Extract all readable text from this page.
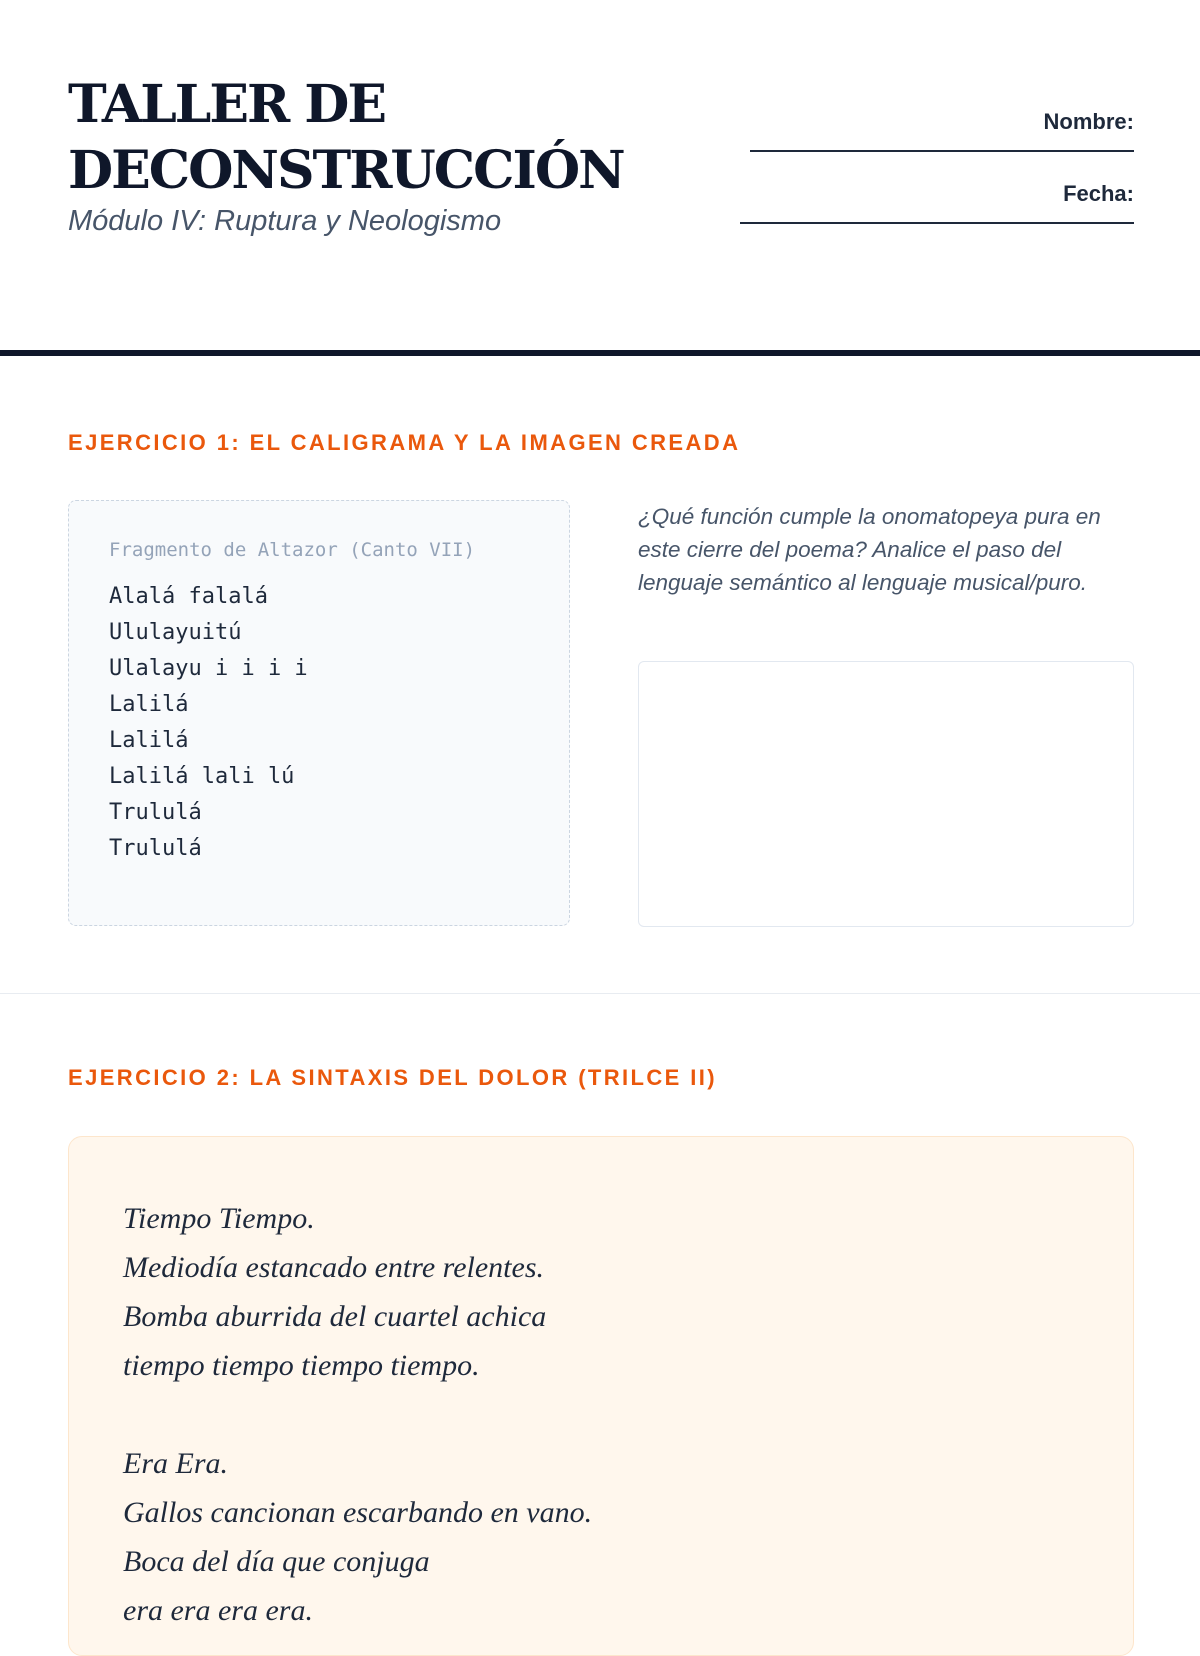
TALLER DE
DECONSTRUCCIÓN
Módulo IV: Ruptura y Neologismo
Nombre:
Fecha:
EJERCICIO 1: EL CALIGRAMA Y LA IMAGEN CREADA
Fragmento de Altazor (Canto VII)
Alalá falalá
Ululayuitú
Ulalayu i i i i
Lalilá
Lalilá
Lalilá lali lú
Trululá
Trululá

¿Qué función cumple la onomatopeya pura en este cierre del poema? Analice el paso del lenguaje semántico al lenguaje musical/puro.

EJERCICIO 2: LA SINTAXIS DEL DOLOR (TRILCE II)
Tiempo Tiempo.
Mediodía estancado entre relentes.
Bomba aburrida del cuartel achica
tiempo tiempo tiempo tiempo.
Era Era.
Gallos cancionan escarbando en vano.
Boca del día que conjuga
era era era era.
